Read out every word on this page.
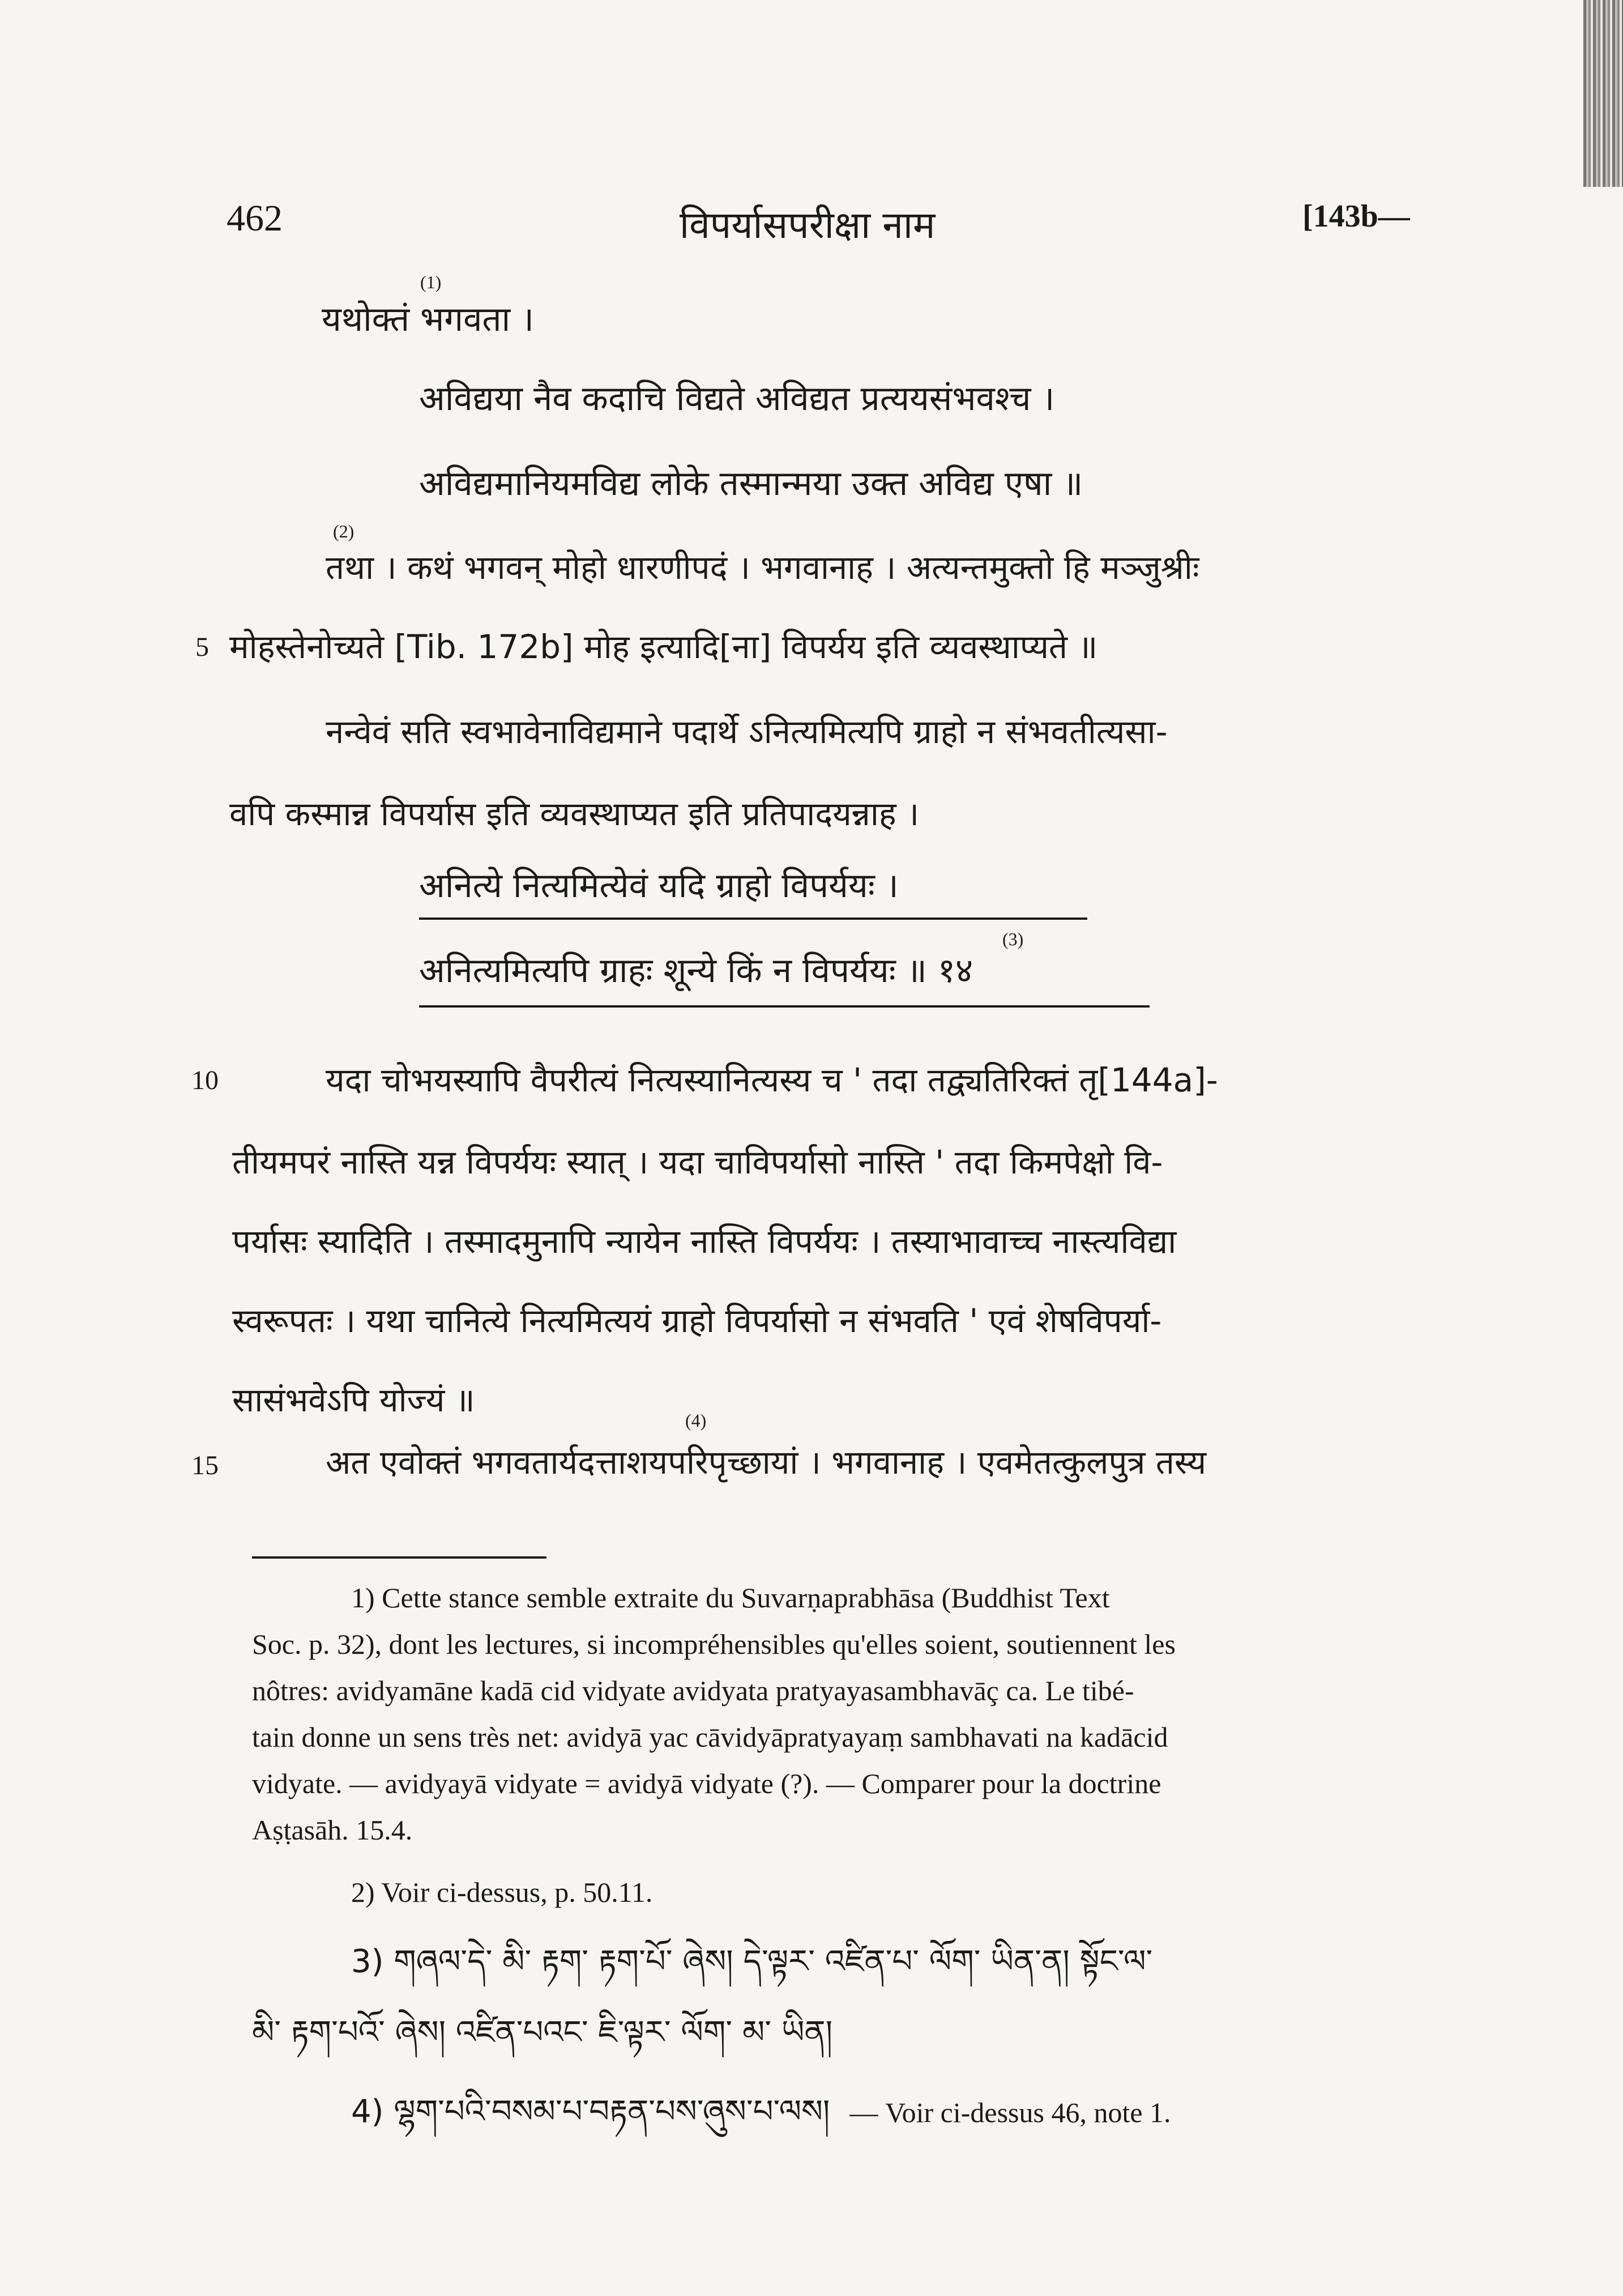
462	विपर्यासपरीक्षा नाम	[143b—
यथोक्तं भगवता ।
(1)
अविद्यया नैव कदाचि विद्यते अविद्यत प्रत्ययसंभवश्च ।
अविद्यमानियमविद्य लोके तस्मान्मया उक्त अविद्य एषा ॥
(2)
तथा । कथं भगवन् मोहो धारणीपदं । भगवानाह । अत्यन्तमुक्तो हि मञ्जुश्रीः
5 मोहस्तेनोच्यते [Tib. 172b] मोह इत्यादि[ना] विपर्यय इति व्यवस्थाप्यते ॥
नन्वेवं सति स्वभावेनाविद्यमाने पदार्थे ऽनित्यमित्यपि ग्राहो न संभवतीत्यसा-
वपि कस्मान्न विपर्यास इति व्यवस्थाप्यत इति प्रतिपादयन्नाह ।
अनित्ये नित्यमित्येवं यदि ग्राहो विपर्ययः ।
(3)
अनित्यमित्यपि ग्राहः शून्ये किं न विपर्ययः ॥ १४
10	यदा चोभयस्यापि वैपरीत्यं नित्यस्यानित्यस्य च ' तदा तद्व्यतिरिक्तं तृ[144a]-
तीयमपरं नास्ति यन्न विपर्ययः स्यात् । यदा चाविपर्यासो नास्ति ' तदा किमपेक्षो वि-
पर्यासः स्यादिति । तस्मादमुनापि न्यायेन नास्ति विपर्ययः । तस्याभावाच्च नास्त्यविद्या
स्वरूपतः । यथा चानित्ये नित्यमित्ययं ग्राहो विपर्यासो न संभवति ' एवं शेषविपर्या-
सासंभवेऽपि योज्यं ॥
(4)
15	अत एवोक्तं भगवतार्यदत्ताशयपरिपृच्छायां । भगवानाह । एवमेतत्कुलपुत्र तस्य
1) Cette stance semble extraite du Suvarṇaprabhāsa (Buddhist Text
Soc. p. 32), dont les lectures, si incompréhensibles qu'elles soient, soutiennent les
nôtres: avidyamāne kadā cid vidyate avidyata pratyayasambhavāç ca. Le tibé-
tain donne un sens très net: avidyā yac cāvidyāpratyayaṃ sambhavati na kadācid
vidyate. — avidyayā vidyate = avidyā vidyate (?). — Comparer pour la doctrine
Aṣṭasāh. 15.4.
2) Voir ci-dessus, p. 50.11.
3) གཞལ་དེ་ མི་ རྟག་ རྟག་པོ་ ཞེས། དེ་ལྟར་ འཛིན་པ་ ལོག་ ཡིན་ན། སྟོང་ལ་
མི་ རྟག་པའོ་ ཞེས། འཛིན་པའང་ ཇི་ལྟར་ ལོག་ མ་ ཡིན།
4) ལྷག་པའི་བསམ་པ་བརྟན་པས་ཞུས་པ་ལས། — Voir ci-dessus 46, note 1.
